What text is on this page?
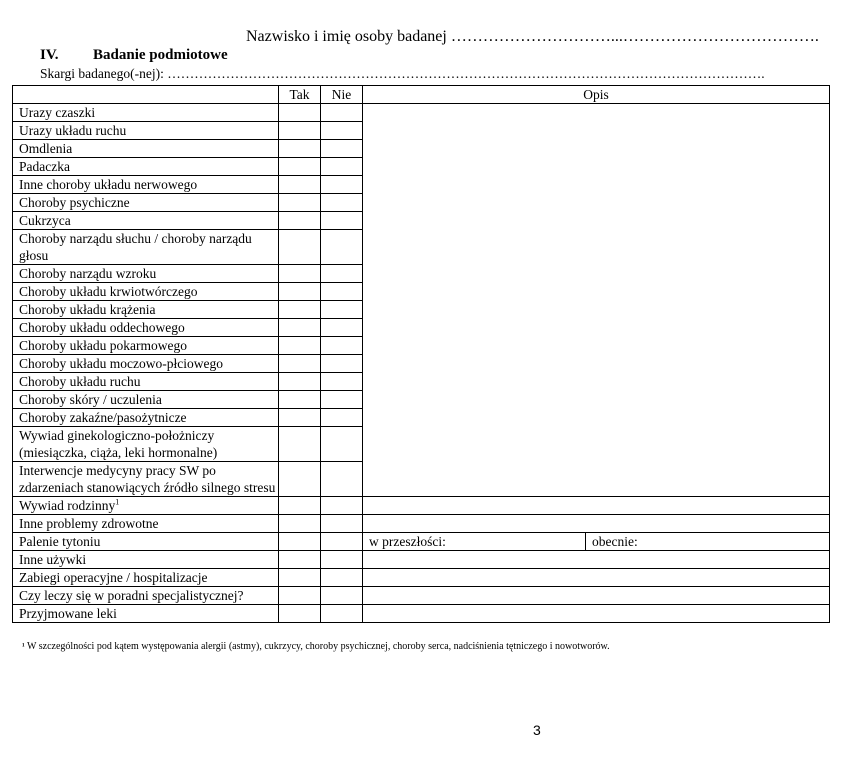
Nazwisko i imię osoby badanej …………………………...……………………………….
IV. Badanie podmiotowe
Skargi badanego(-nej): …………………………………………………………………………………………………………………….
	Tak	Nie	Opis	
Urazy czaszki				
Urazy układu ruchu				
Omdlenia				
Padaczka				
Inne choroby układu nerwowego				
Choroby psychiczne				
Cukrzyca				
Choroby narządu słuchu / choroby narządu głosu				
Choroby narządu wzroku				
Choroby układu krwiotwórczego				
Choroby układu krążenia				
Choroby układu oddechowego				
Choroby układu pokarmowego				
Choroby układu moczowo-płciowego				
Choroby układu ruchu				
Choroby skóry / uczulenia				
Choroby zakaźne/pasożytnicze				
Wywiad ginekologiczno-położniczy (miesiączka, ciąża, leki hormonalne)				
Interwencje medycyny pracy SW po zdarzeniach stanowiących źródło silnego stresu				
Wywiad rodzinny$^1$			
Inne problemy zdrowotne				
Palenie tytoniu			w przeszłości:	obecnie:
Inne używki				
Zabiegi operacyjne / hospitalizacje				
Czy leczy się w poradni specjalistycznej?				
Przyjmowane leki				
¹ W szczególności pod kątem występowania alergii (astmy), cukrzycy, choroby psychicznej, choroby serca, nadciśnienia tętniczego i nowotworów.
3
